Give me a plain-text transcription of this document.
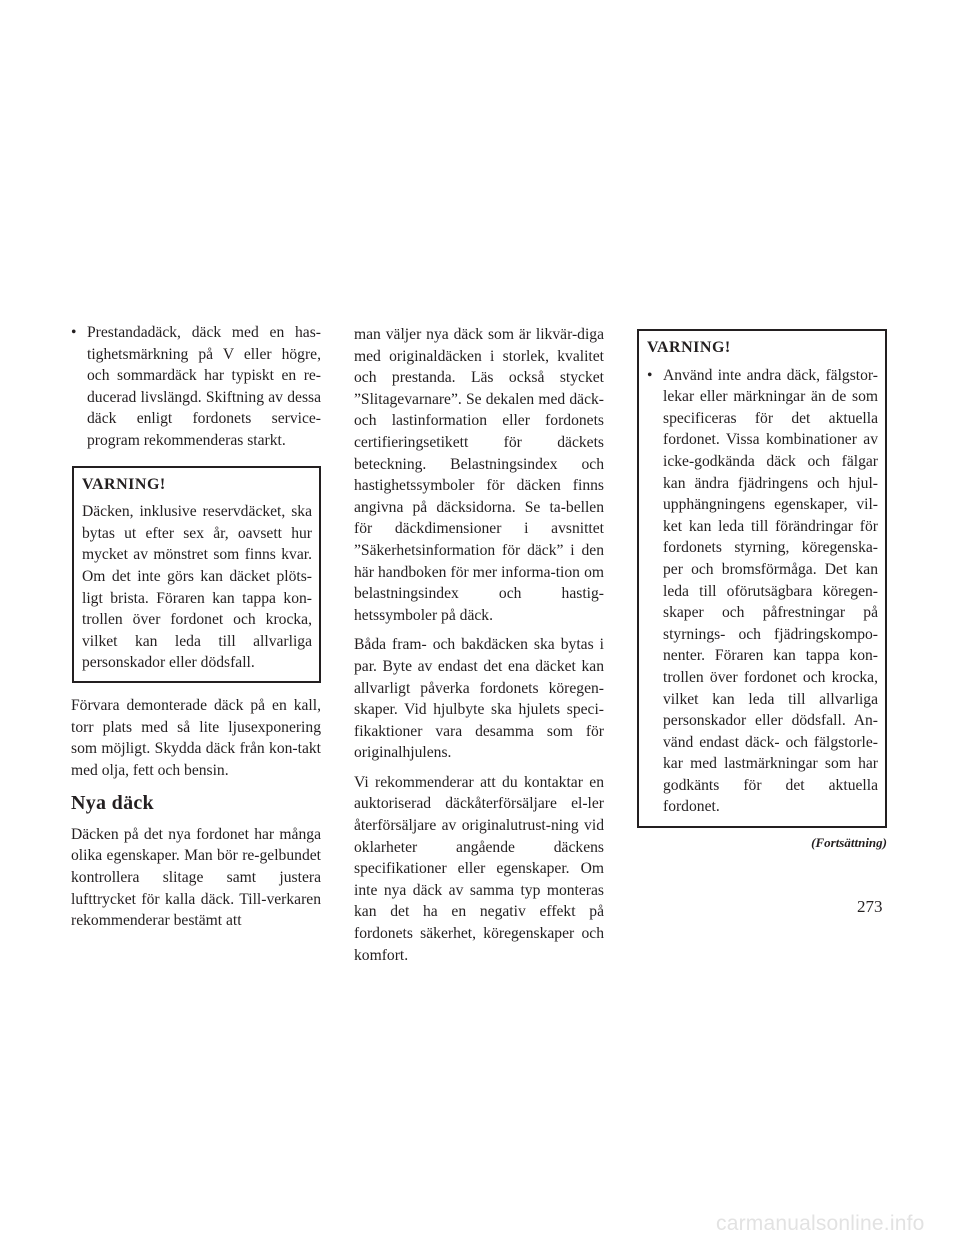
• Prestandadäck, däck med en has-tighetsmärkning på V eller högre, och sommardäck har typiskt en re-ducerad livslängd. Skiftning av dessa däck enligt fordonets service-program rekommenderas starkt.
VARNING!
Däcken, inklusive reservdäcket, ska bytas ut efter sex år, oavsett hur mycket av mönstret som finns kvar. Om det inte görs kan däcket plöts-ligt brista. Föraren kan tappa kon-trollen över fordonet och krocka, vilket kan leda till allvarliga personskador eller dödsfall.

Förvara demonterade däck på en kall, torr plats med så lite ljusexponering som möjligt. Skydda däck från kon-takt med olja, fett och bensin.

Nya däck

Däcken på det nya fordonet har många olika egenskaper. Man bör re-gelbundet kontrollera slitage samt justera lufttrycket för kalla däck. Till-verkaren rekommenderar bestämt att

man väljer nya däck som är likvär-diga med originaldäcken i storlek, kvalitet och prestanda. Läs också stycket ”Slitagevarnare”. Se dekalen med däck- och lastinformation eller fordonets certifieringsetikett för däckets beteckning. Belastningsindex och hastighetssymboler för däcken finns angivna på däcksidorna. Se ta-bellen för däckdimensioner i avsnittet ”Säkerhetsinformation för däck” i den här handboken för mer informa-tion om belastningsindex och hastig-hetssymboler på däck.

Båda fram- och bakdäcken ska bytas i par. Byte av endast det ena däcket kan allvarligt påverka fordonets köregen-skaper. Vid hjulbyte ska hjulets speci-fikaktioner vara desamma som för originalhjulens.

Vi rekommenderar att du kontaktar en auktoriserad däckåterförsäljare el-ler återförsäljare av originalutrust-ning vid oklarheter angående däckens specifikationer eller egenskaper. Om inte nya däck av samma typ monteras kan det ha en negativ effekt på fordonets säkerhet, köregenskaper och komfort.

VARNING!
• Använd inte andra däck, fälgstor-lekar eller märkningar än de som specificeras för det aktuella fordonet. Vissa kombinationer av icke-godkända däck och fälgar kan ändra fjädringens och hjul-upphängningens egenskaper, vil-ket kan leda till förändringar för fordonets styrning, köregenska-per och bromsförmåga. Det kan leda till oförutsägbara köregen-skaper och påfrestningar på styrnings- och fjädringskompo-nenter. Föraren kan tappa kon-trollen över fordonet och krocka, vilket kan leda till allvarliga personskador eller dödsfall. An-vänd endast däck- och fälgstorle-kar med lastmärkningar som har godkänts för det aktuella fordonet.
(Fortsättning)
273
carmanualsonline.info
